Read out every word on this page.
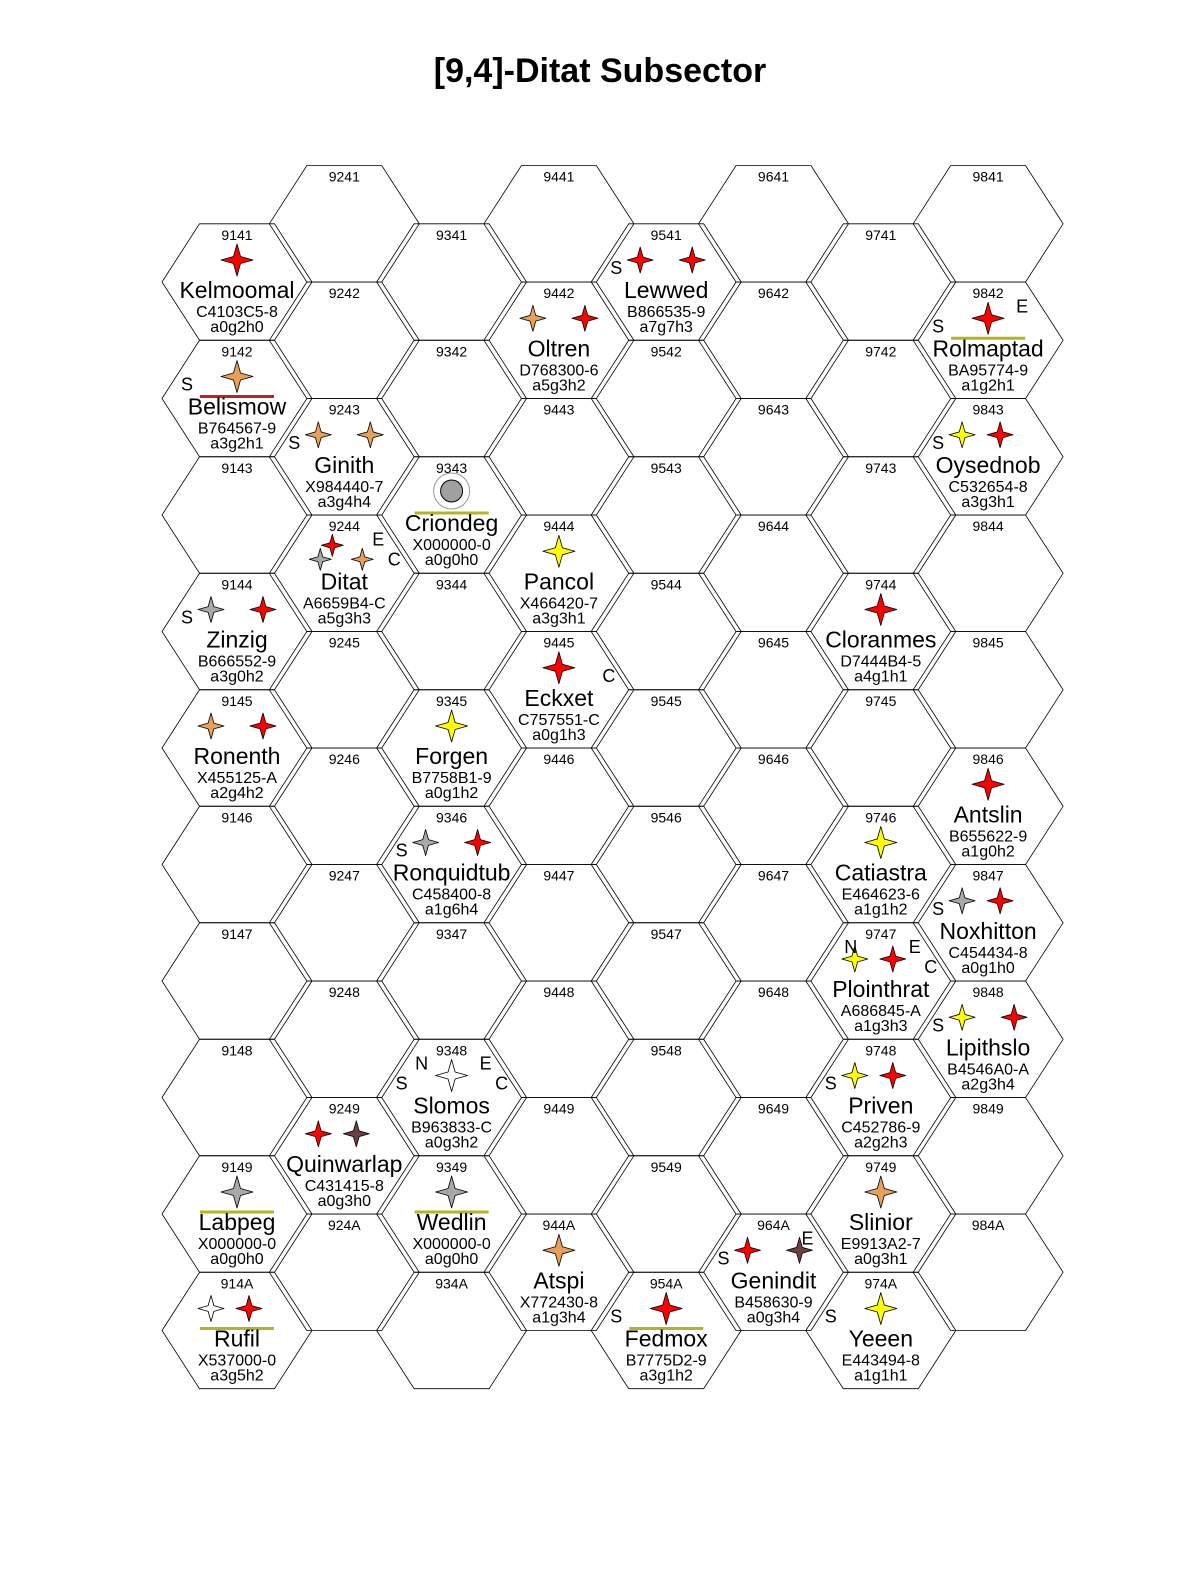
[9,4]-Ditat Subsector
9141
9142
9143
9144
9145
9146
9147
9148
9149
914A
9241
9242
9243
9244
9245
9246
9247
9248
9249
924A
9341
9342
9343
9344
9345
9346
9347
9348
9349
934A
9441
9442
9443
9444
9445
9446
9447
9448
9449
944A
9541
9542
9543
9544
9545
9546
9547
9548
9549
954A
9641
9642
9643
9644
9645
9646
9647
9648
9649
964A
9741
9742
9743
9744
9745
9746
9747
9748
9749
974A
9841
9842
9843
9844
9845
9846
9847
9848
9849
984A
Kelmoomal
C4103C5-8
a0g2h0
S
Belismow
B764567-9
a3g2h1
S
Zinzig
B666552-9
a3g0h2
Ronenth
X455125-A
a2g4h2
Labpeg
X000000-0
a0g0h0
Rufil
X537000-0
a3g5h2
S
Ginith
X984440-7
a3g4h4
E
C
Ditat
A6659B4-C
a5g3h3
Quinwarlap
C431415-8
a0g3h0
Criondeg
X000000-0
a0g0h0
Forgen
B7758B1-9
a0g1h2
S
Ronquidtub
C458400-8
a1g6h4
N
S
E
C
Slomos
B963833-C
a0g3h2
Wedlin
X000000-0
a0g0h0
Oltren
D768300-6
a5g3h2
Pancol
X466420-7
a3g3h1
C
Eckxet
C757551-C
a0g1h3
Atspi
X772430-8
a1g3h4
S
Lewwed
B866535-9
a7g7h3
S
Fedmox
B7775D2-9
a3g1h2
S
E
Genindit
B458630-9
a0g3h4
Cloranmes
D7444B4-5
a4g1h1
Catiastra
E464623-6
a1g1h2
N	E
C
Plointhrat
A686845-A
a1g3h3
S
Priven
C452786-9
a2g2h3
Slinior
E9913A2-7
a0g3h1
S
Yeeen
E443494-8
a1g1h1
S
E
Rolmaptad
BA95774-9
a1g2h1
S
Oysednob
C532654-8
a3g3h1
Antslin
B655622-9
a1g0h2
S
Noxhitton
C454434-8
a0g1h0
S
Lipithslo
B4546A0-A
a2g3h4
